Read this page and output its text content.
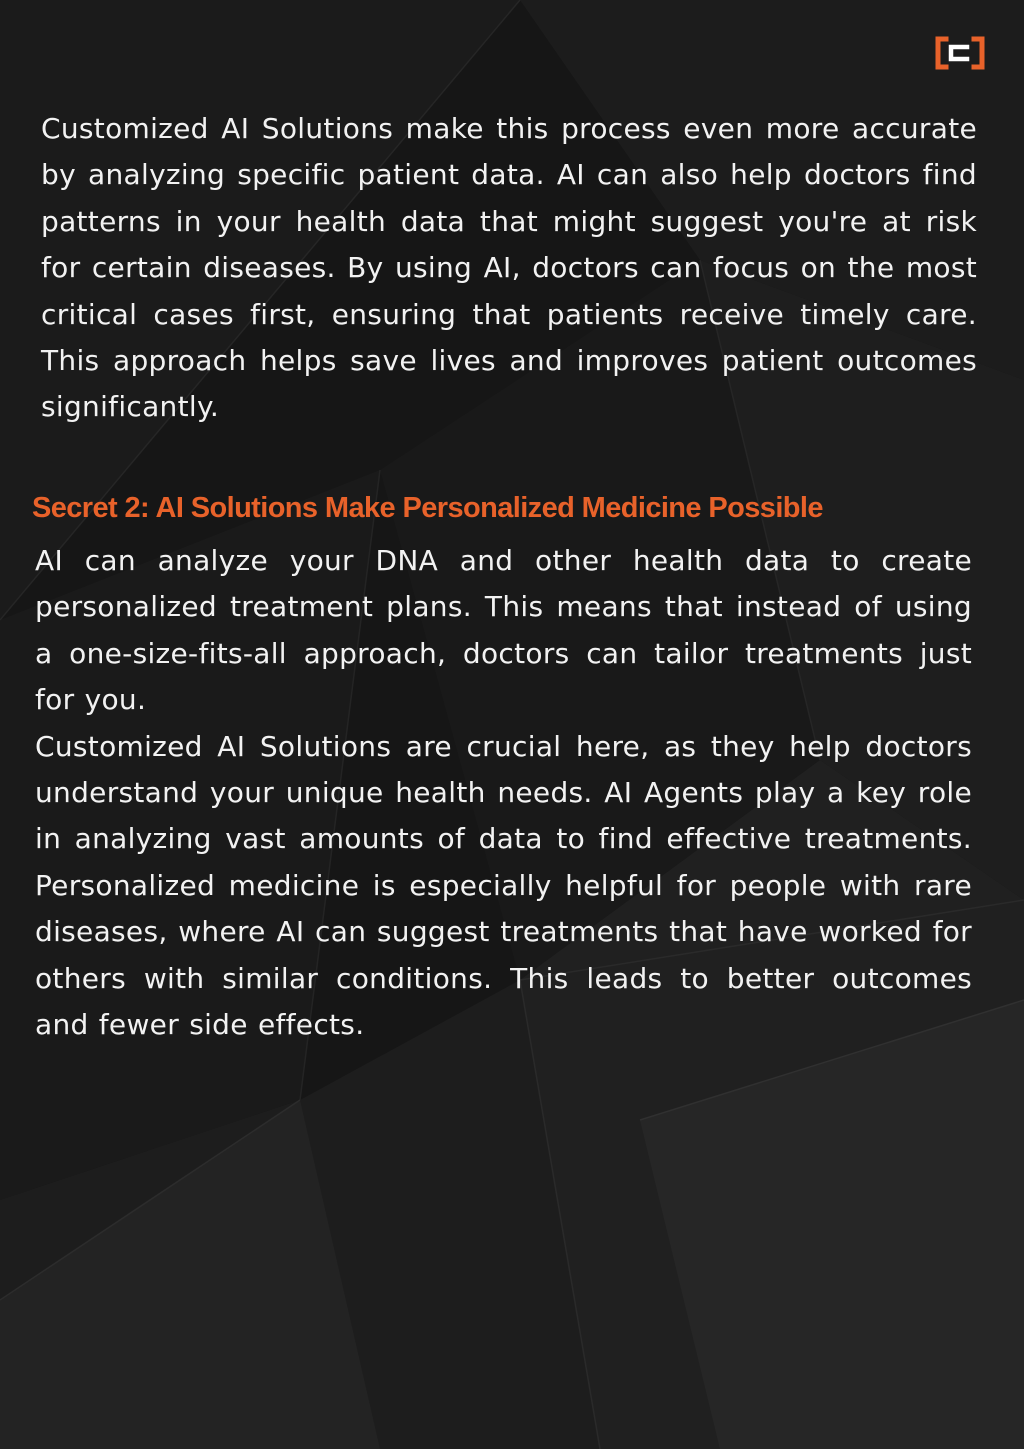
Customized AI Solutions make this process even more accurate by analyzing specific patient data. AI can also help doctors find patterns in your health data that might suggest you're at risk for certain diseases. By using AI, doctors can focus on the most critical cases first, ensuring that patients receive timely care. This approach helps save lives and improves patient outcomes significantly.

Secret 2: AI Solutions Make Personalized Medicine Possible

AI can analyze your DNA and other health data to create personalized treatment plans. This means that instead of using a one-size-fits-all approach, doctors can tailor treatments just for you.

Customized AI Solutions are crucial here, as they help doctors understand your unique health needs. AI Agents play a key role in analyzing vast amounts of data to find effective treatments. Personalized medicine is especially helpful for people with rare diseases, where AI can suggest treatments that have worked for others with similar conditions. This leads to better outcomes and fewer side effects.
